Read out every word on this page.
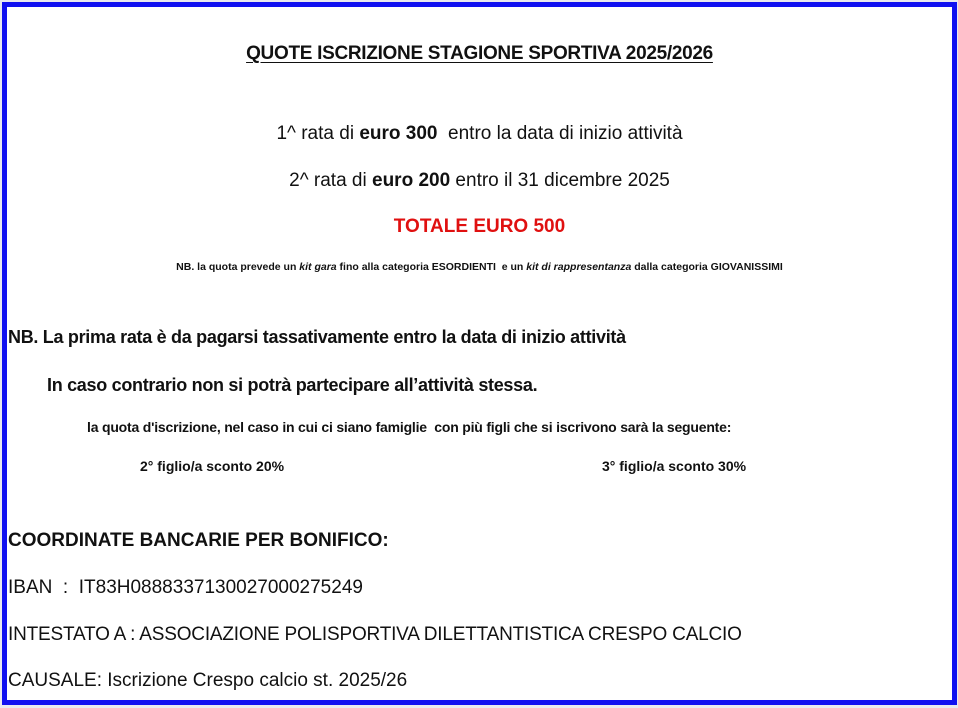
QUOTE ISCRIZIONE STAGIONE SPORTIVA 2025/2026
1^ rata di euro 300  entro la data di inizio attività
2^ rata di euro 200 entro il 31 dicembre 2025
TOTALE EURO 500
NB. la quota prevede un kit gara fino alla categoria ESORDIENTI  e un kit di rappresentanza dalla categoria GIOVANISSIMI
NB. La prima rata è da pagarsi tassativamente entro la data di inizio attività
In caso contrario non si potrà partecipare all’attività stessa.
la quota d'iscrizione, nel caso in cui ci siano famiglie  con più figli che si iscrivono sarà la seguente:
2° figlio/a sconto 20%	3° figlio/a sconto 30%
COORDINATE BANCARIE PER BONIFICO:
IBAN  :  IT83H0888337130027000275249
INTESTATO A : ASSOCIAZIONE POLISPORTIVA DILETTANTISTICA CRESPO CALCIO
CAUSALE: Iscrizione Crespo calcio st. 2025/26
